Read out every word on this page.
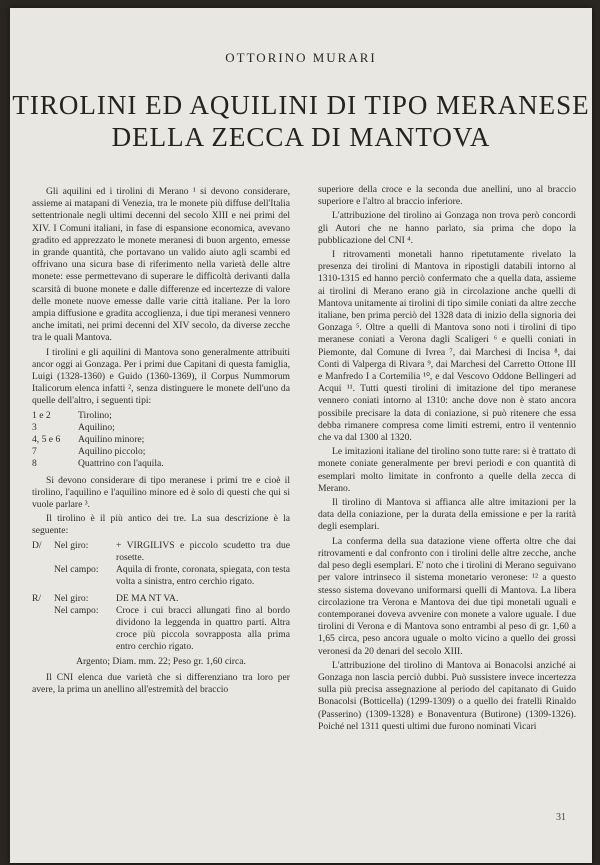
OTTORINO MURARI
TIROLINI ED AQUILINI DI TIPO MERANESE
DELLA ZECCA DI MANTOVA

Gli aquilini ed i tirolini di Merano ¹ si devono considerare, assieme ai matapani di Venezia, tra le monete più diffuse dell'Italia settentrionale negli ultimi decenni del secolo XIII e nei primi del XIV. I Comuni italiani, in fase di espansione economica, avevano gradito ed apprezzato le monete meranesi di buon argento, emesse in grande quantità, che portavano un valido aiuto agli scambi ed offrivano una sicura base di riferimento nella varietà delle altre monete: esse permettevano di superare le difficoltà derivanti dalla scarsità di buone monete e dalle differenze ed incertezze di valore delle monete nuove emesse dalle varie città italiane. Per la loro ampia diffusione e gradita accoglienza, i due tipi meranesi vennero anche imitati, nei primi decenni del XIV secolo, da diverse zecche tra le quali Mantova.

I tirolini e gli aquilini di Mantova sono generalmente attribuiti ancor oggi ai Gonzaga. Per i primi due Capitani di questa famiglia, Luigi (1328-1360) e Guido (1360-1369), il Corpus Nummorum Italicorum elenca infatti ², senza distinguere le monete dell'uno da quelle dell'altro, i seguenti tipi:

1 e 2	Tirolino;
3	Aquilino;
4, 5 e 6	Aquilino minore;
7	Aquilino piccolo;
8	Quattrino con l'aquila.

Si devono considerare di tipo meranese i primi tre e cioè il tirolino, l'aquilino e l'aquilino minore ed è solo di questi che qui si vuole parlare ³.

Il tirolino è il più antico dei tre. La sua descrizione è la seguente:

D/	Nel giro:	+ VIRGILIVS e piccolo scudetto tra due rosette.
Nel campo:	Aquila di fronte, coronata, spiegata, con testa volta a sinistra, entro cerchio rigato.
R/	Nel giro:	DE MA NT VA.
Nel campo:	Croce i cui bracci allungati fino al bordo dividono la leggenda in quattro parti. Altra croce più piccola sovrapposta alla prima entro cerchio rigato.
Argento; Diam. mm. 22; Peso gr. 1,60 circa.

Il CNI elenca due varietà che si differenziano tra loro per avere, la prima un anellino all'estremità del braccio

superiore della croce e la seconda due anellini, uno al braccio superiore e l'altro al braccio inferiore.

L'attribuzione del tirolino ai Gonzaga non trova però concordi gli Autori che ne hanno parlato, sia prima che dopo la pubblicazione del CNI ⁴.

I ritrovamenti monetali hanno ripetutamente rivelato la presenza dei tirolini di Mantova in ripostigli databili intorno al 1310-1315 ed hanno perciò confermato che a quella data, assieme ai tirolini di Merano erano già in circolazione anche quelli di Mantova unitamente ai tirolini di tipo simile coniati da altre zecche italiane, ben prima perciò del 1328 data di inizio della signoria dei Gonzaga ⁵. Oltre a quelli di Mantova sono noti i tirolini di tipo meranese coniati a Verona dagli Scaligeri ⁶ e quelli coniati in Piemonte, dal Comune di Ivrea ⁷, dai Marchesi di Incisa ⁸, dai Conti di Valperga di Rivara ⁹, dai Marchesi del Carretto Ottone III e Manfredo I a Cortemilia ¹⁰, e dal Vescovo Oddone Bellingeri ad Acqui ¹¹. Tutti questi tirolini di imitazione del tipo meranese vennero coniati intorno al 1310: anche dove non è stato ancora possibile precisare la data di coniazione, si può ritenere che essa debba rimanere compresa come limiti estremi, entro il ventennio che va dal 1300 al 1320.

Le imitazioni italiane del tirolino sono tutte rare: si è trattato di monete coniate generalmente per brevi periodi e con quantità di esemplari molto limitate in confronto a quelle della zecca di Merano.

Il tirolino di Mantova si affianca alle altre imitazioni per la data della coniazione, per la durata della emissione e per la rarità degli esemplari.

La conferma della sua datazione viene offerta oltre che dai ritrovamenti e dal confronto con i tirolini delle altre zecche, anche dal peso degli esemplari. E' noto che i tirolini di Merano seguivano per valore intrinseco il sistema monetario veronese: ¹² a questo stesso sistema dovevano uniformarsi quelli di Mantova. La libera circolazione tra Verona e Mantova dei due tipi monetali uguali e contemporanei doveva avvenire con monete a valore uguale. I due tirolini di Verona e di Mantova sono entrambi al peso di gr. 1,60 a 1,65 circa, peso ancora uguale o molto vicino a quello dei grossi veronesi da 20 denari del secolo XIII.

L'attribuzione del tirolino di Mantova ai Bonacolsi anziché ai Gonzaga non lascia perciò dubbi. Può sussistere invece incertezza sulla più precisa assegnazione al periodo del capitanato di Guido Bonacolsi (Botticella) (1299-1309) o a quello dei fratelli Rinaldo (Passerino) (1309-1328) e Bonaventura (Butirone) (1309-1326). Poiché nel 1311 questi ultimi due furono nominati Vicari

31
